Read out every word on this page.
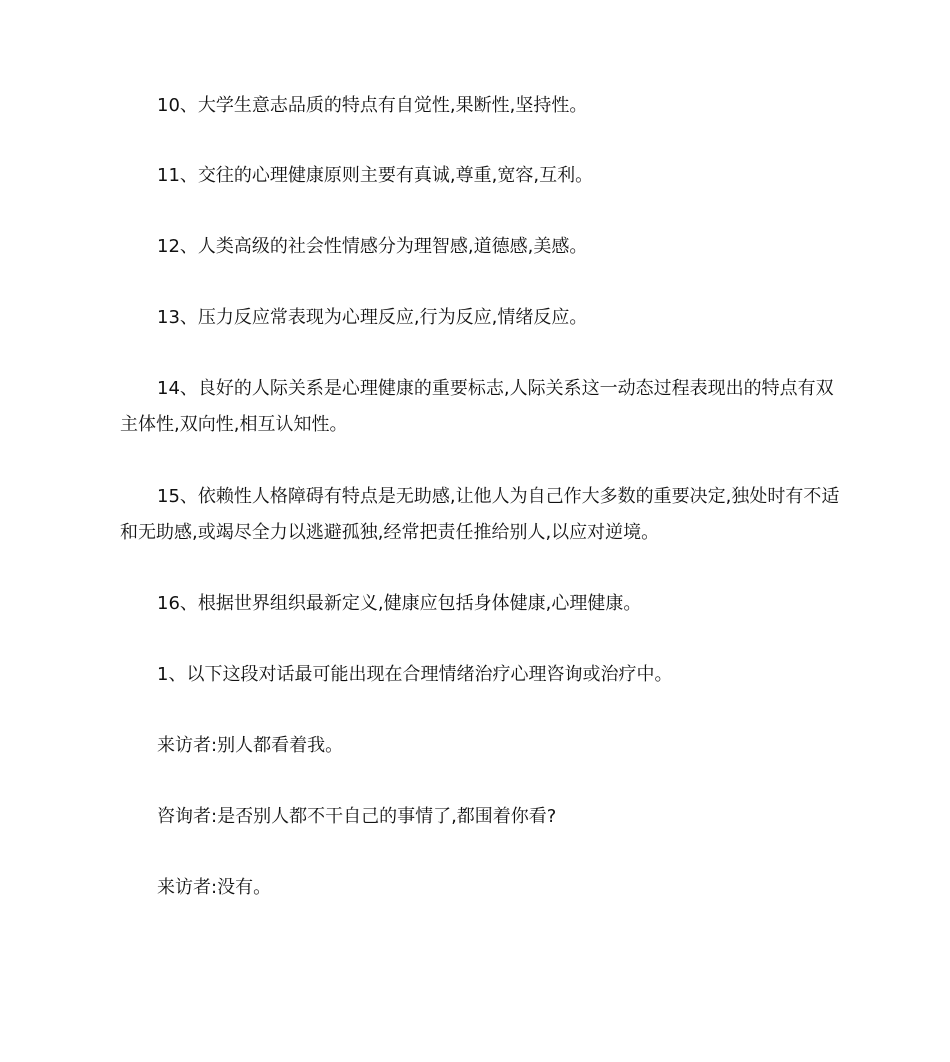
10、大学生意志品质的特点有自觉性,果断性,坚持性。

11、交往的心理健康原则主要有真诚,尊重,宽容,互利。

12、人类高级的社会性情感分为理智感,道德感,美感。

13、压力反应常表现为心理反应,行为反应,情绪反应。

14、良好的人际关系是心理健康的重要标志,人际关系这一动态过程表现出的特点有双主体性,双向性,相互认知性。

15、依赖性人格障碍有特点是无助感,让他人为自己作大多数的重要决定,独处时有不适和无助感,或竭尽全力以逃避孤独,经常把责任推给别人,以应对逆境。

16、根据世界组织最新定义,健康应包括身体健康,心理健康。

1、以下这段对话最可能出现在合理情绪治疗心理咨询或治疗中。

来访者:别人都看着我。

咨询者:是否别人都不干自己的事情了,都围着你看?

来访者:没有。
